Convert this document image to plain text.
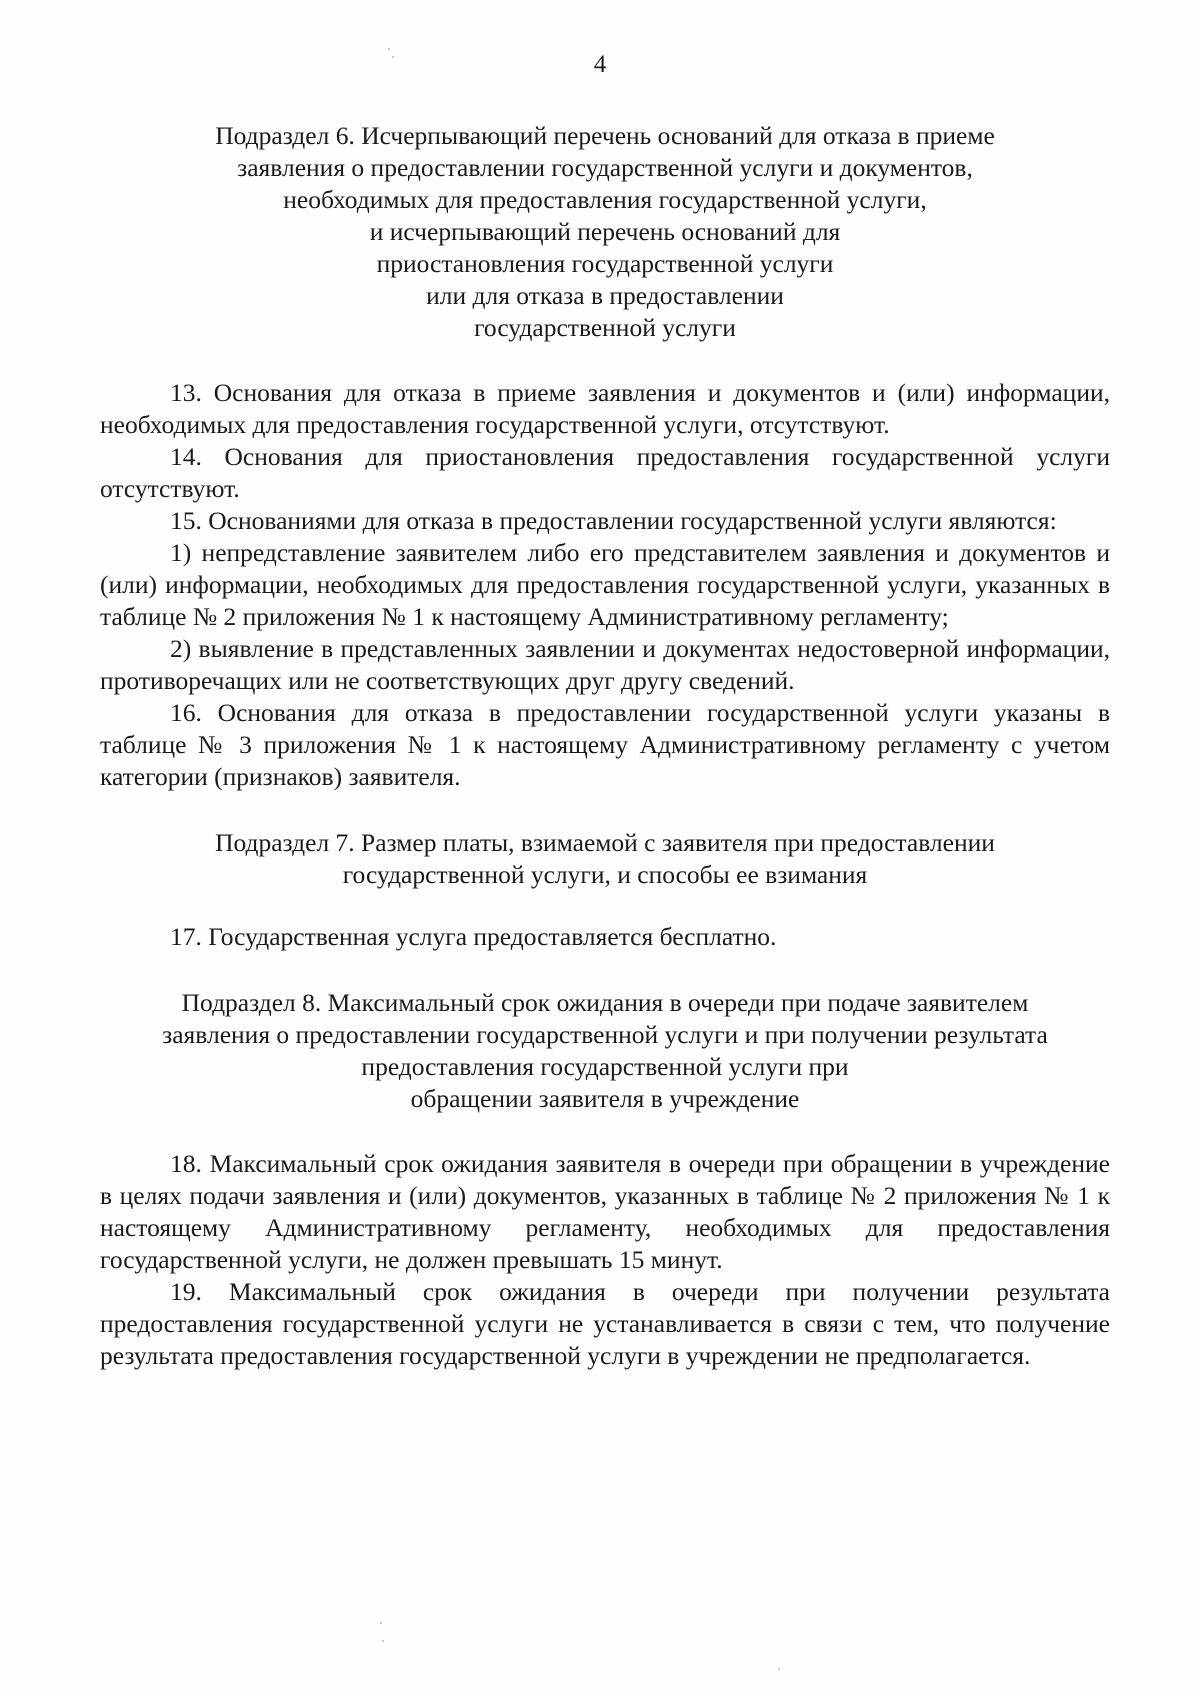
4
Подраздел 6. Исчерпывающий перечень оснований для отказа в приеме
заявления о предоставлении государственной услуги и документов,
необходимых для предоставления государственной услуги,
и исчерпывающий перечень оснований для
приостановления государственной услуги
или для отказа в предоставлении
государственной услуги

13. Основания для отказа в приеме заявления и документов и (или) информации, необходимых для предоставления государственной услуги, отсутствуют.

14. Основания для приостановления предоставления государственной услуги отсутствуют.

15. Основаниями для отказа в предоставлении государственной услуги являются:

1) непредставление заявителем либо его представителем заявления и документов и (или) информации, необходимых для предоставления государственной услуги, указанных в таблице № 2 приложения № 1 к настоящему Административному регламенту;

2) выявление в представленных заявлении и документах недостоверной информации, противоречащих или не соответствующих друг другу сведений.

16. Основания для отказа в предоставлении государственной услуги указаны в таблице № 3 приложения № 1 к настоящему Административному регламенту с учетом категории (признаков) заявителя.

Подраздел 7. Размер платы, взимаемой с заявителя при предоставлении
государственной услуги, и способы ее взимания

17. Государственная услуга предоставляется бесплатно.

Подраздел 8. Максимальный срок ожидания в очереди при подаче заявителем
заявления о предоставлении государственной услуги и при получении результата
предоставления государственной услуги при
обращении заявителя в учреждение

18. Максимальный срок ожидания заявителя в очереди при обращении в учреждение в целях подачи заявления и (или) документов, указанных в таблице № 2 приложения № 1 к настоящему Административному регламенту, необходимых для предоставления государственной услуги, не должен превышать 15 минут.

19. Максимальный срок ожидания в очереди при получении результата предоставления государственной услуги не устанавливается в связи с тем, что получение результата предоставления государственной услуги в учреждении не предполагается.
